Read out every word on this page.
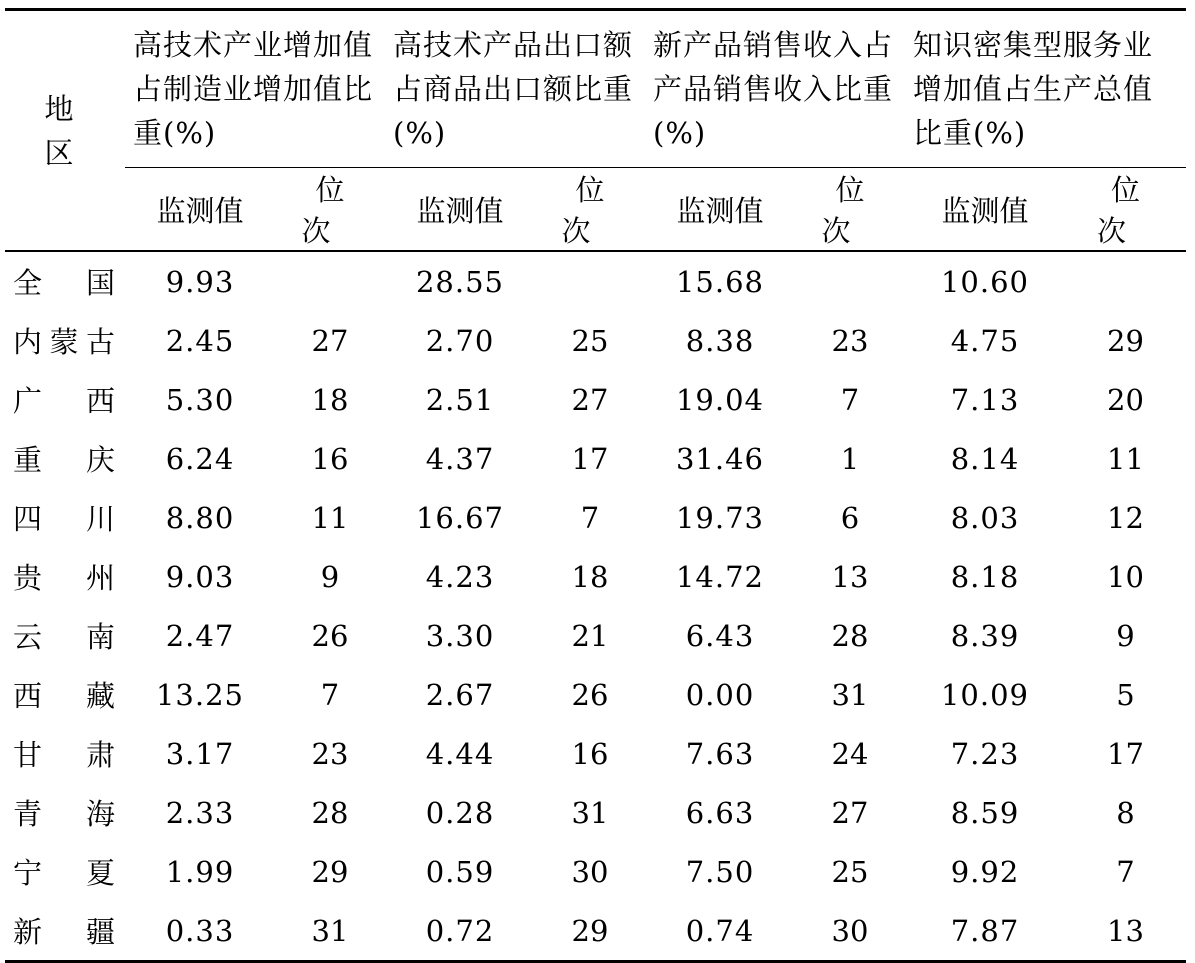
地 区	高技术产业增加值占制造业增加值比重(%)		高技术产品出口额占商品出口额比重(%)		新产品销售收入占产品销售收入比重(%)		知识密集型服务业增加值占生产总值比重(%)	
	监测值	位 次	监测值	位 次	监测值	位 次	监测值	位 次
全国	9.93		28.55		15.68		10.60	
内蒙古	2.45	27	2.70	25	8.38	23	4.75	29
广西	5.30	18	2.51	27	19.04	7	7.13	20
重庆	6.24	16	4.37	17	31.46	1	8.14	11
四川	8.80	11	16.67	7	19.73	6	8.03	12
贵州	9.03	9	4.23	18	14.72	13	8.18	10
云南	2.47	26	3.30	21	6.43	28	8.39	9
西藏	13.25	7	2.67	26	0.00	31	10.09	5
甘肃	3.17	23	4.44	16	7.63	24	7.23	17
青海	2.33	28	0.28	31	6.63	27	8.59	8
宁夏	1.99	29	0.59	30	7.50	25	9.92	7
新疆	0.33	31	0.72	29	0.74	30	7.87	13
